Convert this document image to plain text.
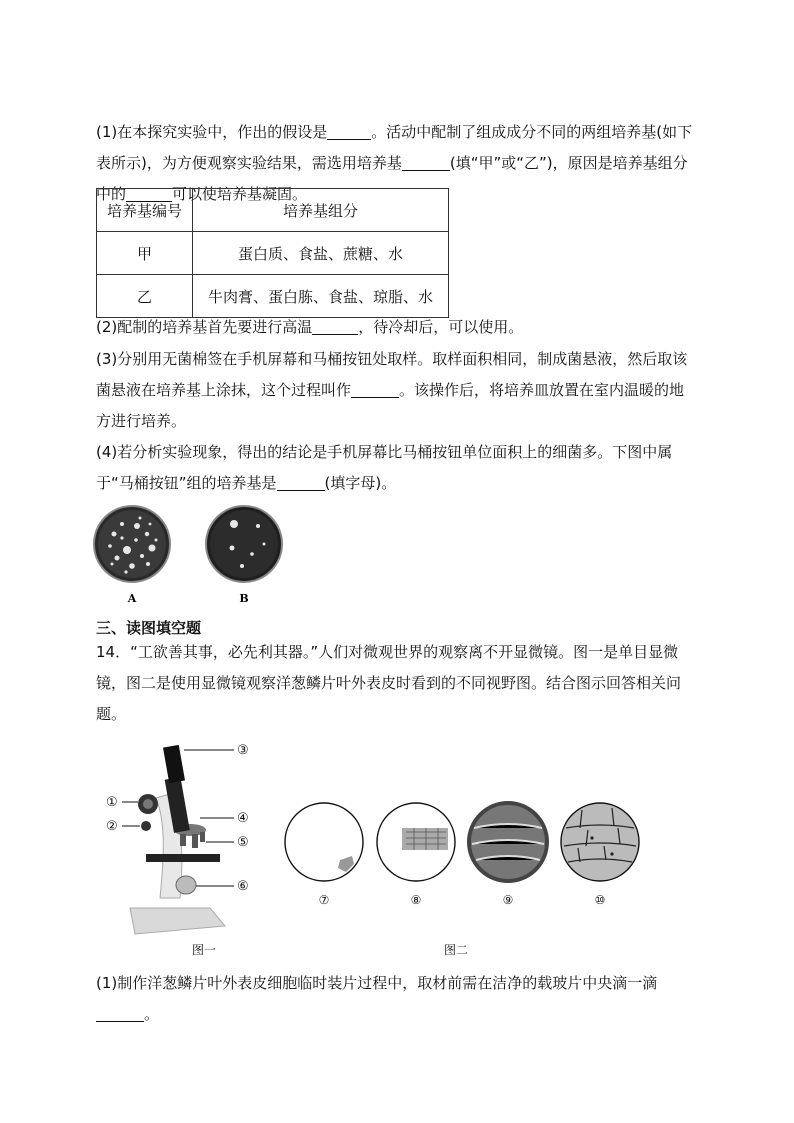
(1)在本探究实验中，作出的假设是	。活动中配制了组成成分不同的两组培养基(如下表所示)，为方便观察实验结果，需选用培养基	(填“甲”或“乙”)，原因是培养基组分中的	可以使培养基凝固。

培养基编号	培养基组分
甲	蛋白质、食盐、蔗糖、水
乙	牛肉膏、蛋白胨、食盐、琼脂、水

(2)配制的培养基首先要进行高温	，待冷却后，可以使用。

(3)分别用无菌棉签在手机屏幕和马桶按钮处取样。取样面积相同，制成菌悬液，然后取该菌悬液在培养基上涂抹，这个过程叫作	。该操作后，将培养皿放置在室内温暖的地方进行培养。

(4)若分析实验现象，得出的结论是手机屏幕比马桶按钮单位面积上的细菌多。下图中属于“马桶按钮”组的培养基是	(填字母)。

A	B

三、读图填空题

14．“工欲善其事，必先利其器。”人们对微观世界的观察离不开显微镜。图一是单目显微镜，图二是使用显微镜观察洋葱鳞片叶外表皮时看到的不同视野图。结合图示回答相关问题。

③
①
②
④
⑤
⑥
图一
⑦	⑧	⑨	⑩
图二

(1)制作洋葱鳞片叶外表皮细胞临时装片过程中，取材前需在洁净的载玻片中央滴一滴。
